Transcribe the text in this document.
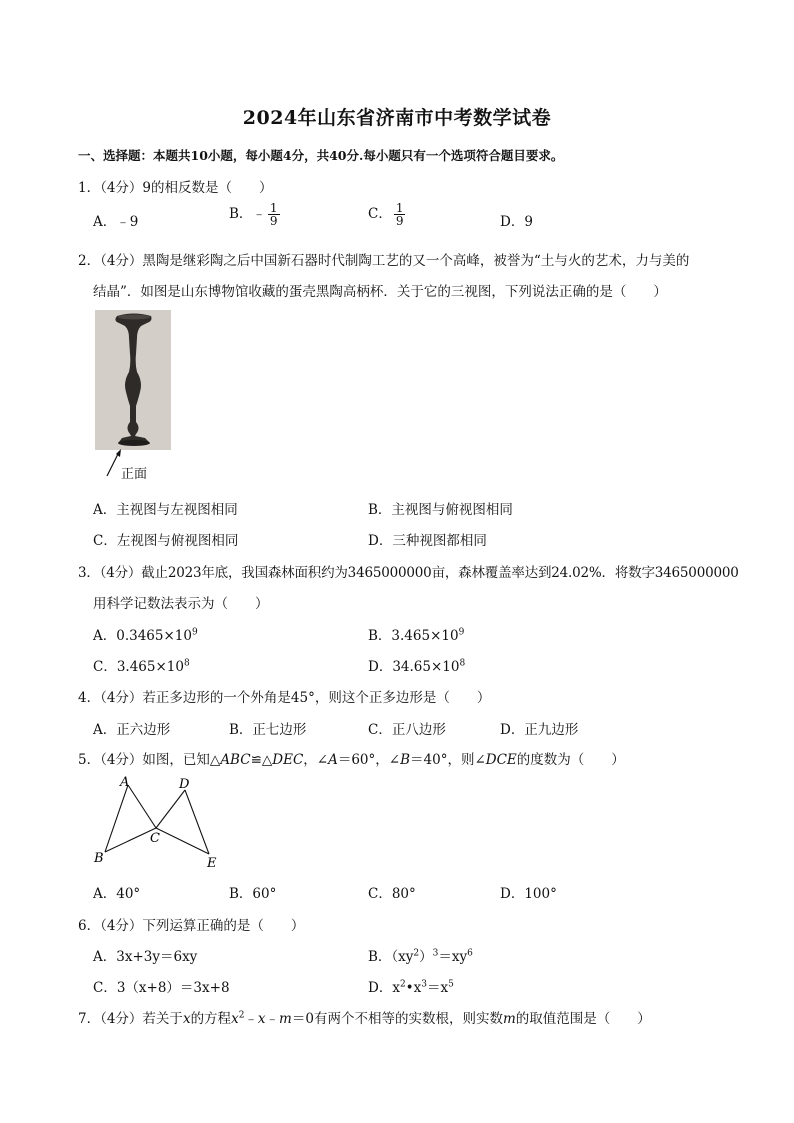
2024年山东省济南市中考数学试卷
一、选择题：本题共10小题，每小题4分，共40分.每小题只有一个选项符合题目要求。
1．（4分）9的相反数是（　　）
A．﹣9	B．﹣ $\frac{1}{9}$	C． $\frac{1}{9}$	D．9
2．（4分）黑陶是继彩陶之后中国新石器时代制陶工艺的又一个高峰，被誉为“土与火的艺术，力与美的
结晶”．如图是山东博物馆收藏的蛋壳黑陶高柄杯．关于它的三视图，下列说法正确的是（　　）
正面
A．主视图与左视图相同	B．主视图与俯视图相同
C．左视图与俯视图相同	D．三种视图都相同
3．（4分）截止2023年底，我国森林面积约为3465000000亩，森林覆盖率达到24.02%．将数字3465000000
用科学记数法表示为（　　）
A．$0.3465\times 10^9$	B．$3.465\times 10^9$
C．$3.465\times 10^8$	D．$34.65\times 10^8$
4．（4分）若正多边形的一个外角是45°，则这个正多边形是（　　）
A．正六边形	B．正七边形	C．正八边形	D．正九边形
5．（4分）如图，已知△ABC≌△DEC，∠A＝60°，∠B＝40°，则∠DCE的度数为（　　）
A	D
C
B	E
A．40°	B．60°	C．80°	D．100°
6．（4分）下列运算正确的是（　　）
A．3x+3y＝6xy	B．$(xy^2)^3=xy^6$
C．3（x+8）＝3x+8	D．$x^2•x^3=x^5$
7．（4分）若关于x的方程$x^2﹣x﹣m=0$有两个不相等的实数根，则实数m的取值范围是（　　）
